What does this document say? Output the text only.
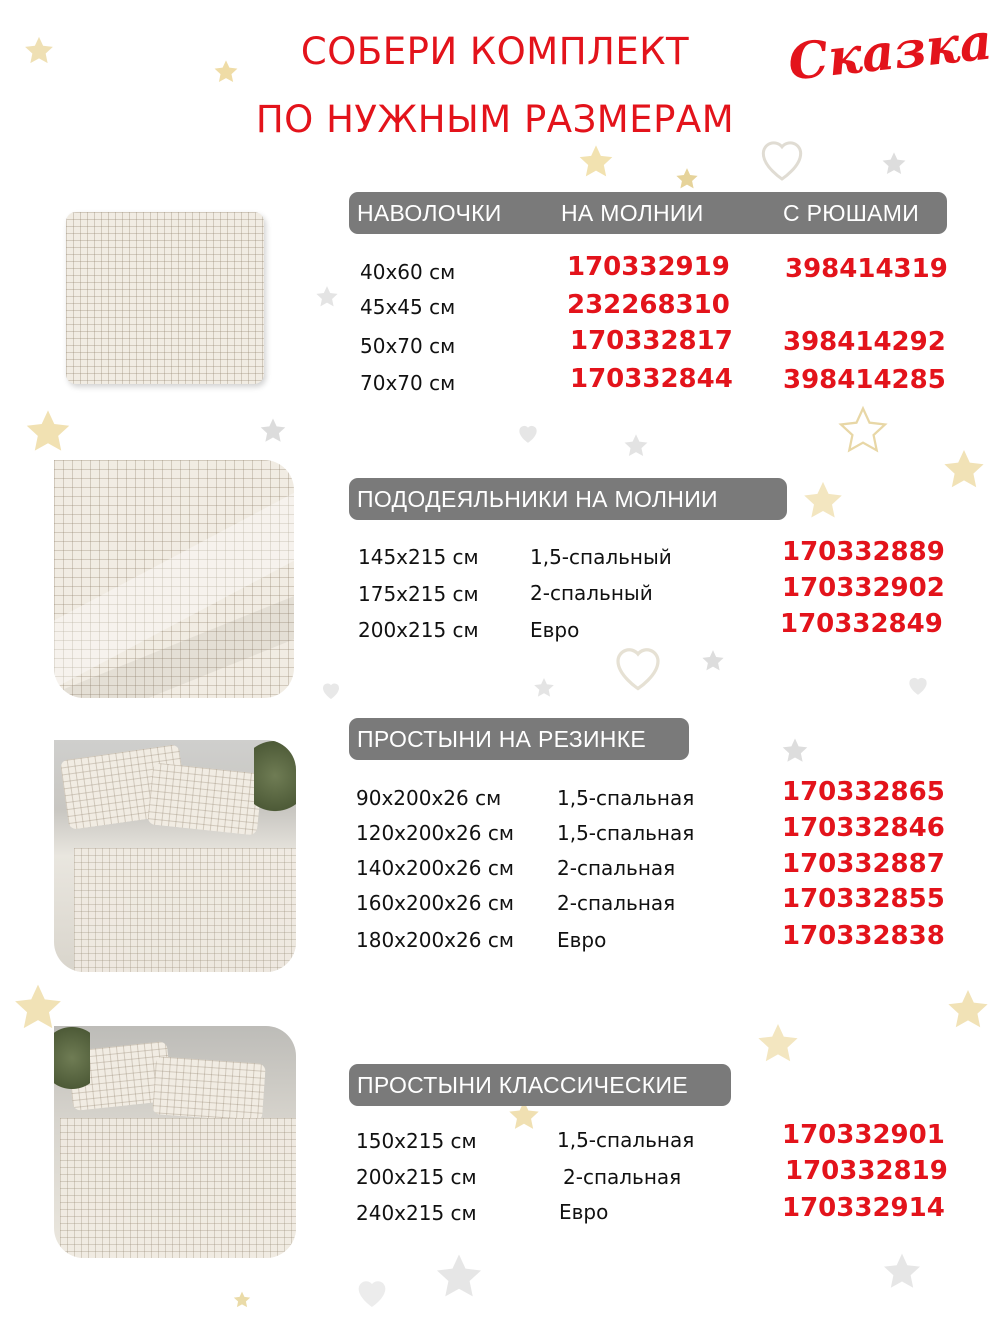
СОБЕРИ КОМПЛЕКТ
ПО НУЖНЫМ РАЗМЕРАМ
Сказка
НАВОЛОЧКИ	НА МОЛНИИ	С РЮШАМИ
40x60 см	170332919 398414319
45x45 см	232268310
50x70 см	170332817 398414292
70x70 см	170332844 398414285
ПОДОДЕЯЛЬНИКИ НА МОЛНИИ
145x215 см	1,5-спальный	170332889
175x215 см	2-спальный	170332902
200x215 см	Евро	170332849
ПРОСТЫНИ НА РЕЗИНКЕ
90x200x26 см	1,5-спальная	170332865
120x200x26 см 1,5-спальная	170332846
140x200x26 см 2-спальная	170332887
160x200x26 см 2-спальная	170332855
180x200x26 см Евро	170332838
ПРОСТЫНИ КЛАССИЧЕСКИЕ
150x215 см	1,5-спальная	170332901
200x215 см	2-спальная	170332819
240x215 см	Евро	170332914
